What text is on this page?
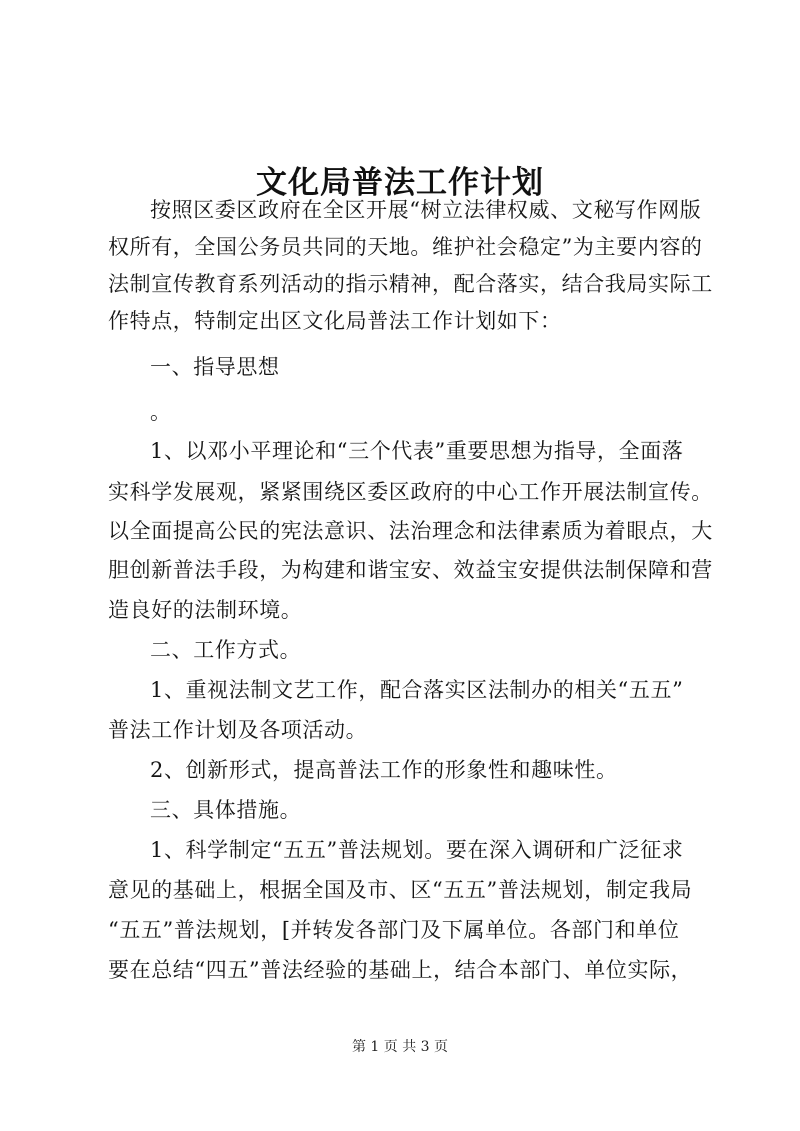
文化局普法工作计划
按照区委区政府在全区开展“树立法律权威、文秘写作网版
权所有，全国公务员共同的天地。维护社会稳定”为主要内容的
法制宣传教育系列活动的指示精神，配合落实，结合我局实际工
作特点，特制定出区文化局普法工作计划如下：
一、指导思想
。
1、以邓小平理论和“三个代表”重要思想为指导，全面落
实科学发展观，紧紧围绕区委区政府的中心工作开展法制宣传。
以全面提高公民的宪法意识、法治理念和法律素质为着眼点，大
胆创新普法手段，为构建和谐宝安、效益宝安提供法制保障和营
造良好的法制环境。
二、工作方式。
1、重视法制文艺工作，配合落实区法制办的相关“五五”
普法工作计划及各项活动。
2、创新形式，提高普法工作的形象性和趣味性。
三、具体措施。
1、科学制定“五五”普法规划。要在深入调研和广泛征求
意见的基础上，根据全国及市、区“五五”普法规划，制定我局
“五五”普法规划，[并转发各部门及下属单位。各部门和单位
要在总结“四五”普法经验的基础上，结合本部门、单位实际，
第 1 页 共 3 页
